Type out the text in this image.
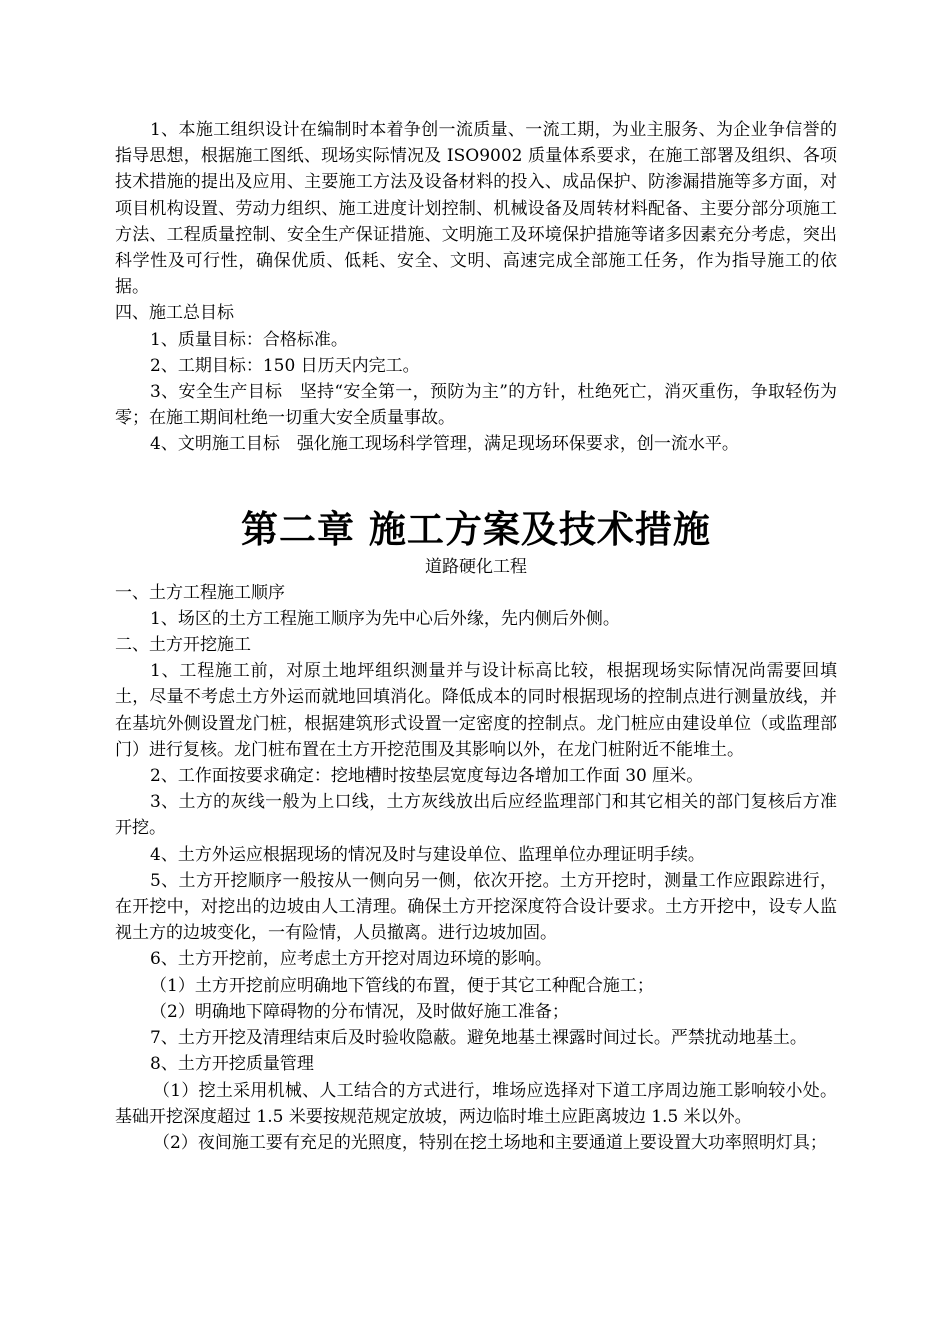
1、本施工组织设计在编制时本着争创一流质量、一流工期，为业主服务、为企业争信誉的指导思想，根据施工图纸、现场实际情况及 ISO9002 质量体系要求，在施工部署及组织、各项技术措施的提出及应用、主要施工方法及设备材料的投入、成品保护、防渗漏措施等多方面，对项目机构设置、劳动力组织、施工进度计划控制、机械设备及周转材料配备、主要分部分项施工方法、工程质量控制、安全生产保证措施、文明施工及环境保护措施等诸多因素充分考虑，突出科学性及可行性，确保优质、低耗、安全、文明、高速完成全部施工任务，作为指导施工的依据。

四、施工总目标

1、质量目标：合格标准。

2、工期目标：150 日历天内完工。

3、安全生产目标　坚持“安全第一，预防为主”的方针，杜绝死亡，消灭重伤，争取轻伤为零；在施工期间杜绝一切重大安全质量事故。

4、文明施工目标　强化施工现场科学管理，满足现场环保要求，创一流水平。

第二章 施工方案及技术措施

道路硬化工程

一、土方工程施工顺序

1、场区的土方工程施工顺序为先中心后外缘，先内侧后外侧。

二、土方开挖施工

1、工程施工前，对原土地坪组织测量并与设计标高比较，根据现场实际情况尚需要回填土，尽量不考虑土方外运而就地回填消化。降低成本的同时根据现场的控制点进行测量放线，并在基坑外侧设置龙门桩，根据建筑形式设置一定密度的控制点。龙门桩应由建设单位（或监理部门）进行复核。龙门桩布置在土方开挖范围及其影响以外，在龙门桩附近不能堆土。

2、工作面按要求确定：挖地槽时按垫层宽度每边各增加工作面 30 厘米。

3、土方的灰线一般为上口线，土方灰线放出后应经监理部门和其它相关的部门复核后方准开挖。

4、土方外运应根据现场的情况及时与建设单位、监理单位办理证明手续。

5、土方开挖顺序一般按从一侧向另一侧，依次开挖。土方开挖时，测量工作应跟踪进行，在开挖中，对挖出的边坡由人工清理。确保土方开挖深度符合设计要求。土方开挖中，设专人监视土方的边坡变化，一有险情，人员撤离。进行边坡加固。

6、土方开挖前，应考虑土方开挖对周边环境的影响。

（1）土方开挖前应明确地下管线的布置，便于其它工种配合施工；

（2）明确地下障碍物的分布情况，及时做好施工准备；

7、土方开挖及清理结束后及时验收隐蔽。避免地基土裸露时间过长。严禁扰动地基土。

8、土方开挖质量管理

（1）挖土采用机械、人工结合的方式进行，堆场应选择对下道工序周边施工影响较小处。基础开挖深度超过 1.5 米要按规范规定放坡，两边临时堆土应距离坡边 1.5 米以外。

（2）夜间施工要有充足的光照度，特别在挖土场地和主要通道上要设置大功率照明灯具；
